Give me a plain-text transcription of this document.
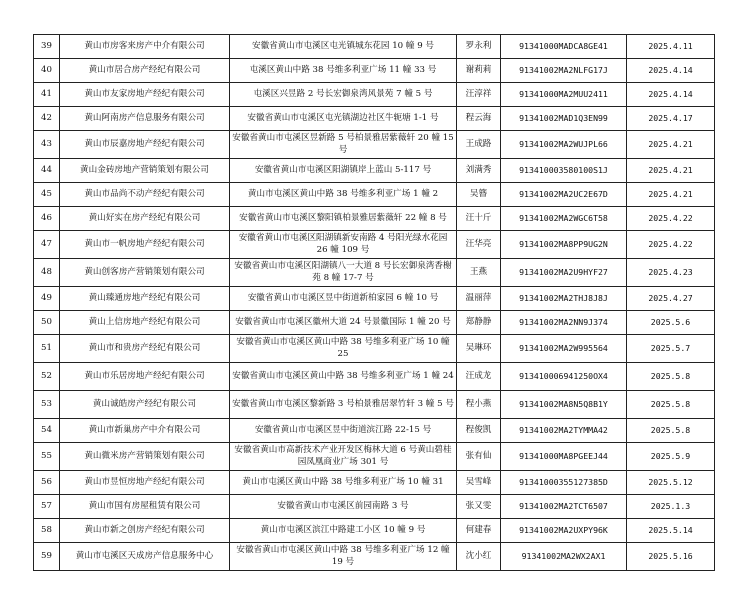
39	黄山市房客来房产中介有限公司	安徽省黄山市屯溪区屯光镇城东花园 10 幢 9 号	罗永利	91341000MADCA8GE41	2025.4.11
40	黄山市居合房产经纪有限公司	屯溪区黄山中路 38 号维多利亚广场 11 幢 33 号	谢莉莉	91341002MA2NLFG17J	2025.4.14
41	黄山市友家房地产经纪有限公司	屯溪区兴昱路 2 号长宏御泉湾风景苑 7 幢 5 号	汪淳祥	91341000MA2MUU2411	2025.4.14
42	黄山阿南房产信息服务有限公司	安徽省黄山市屯溪区屯光镇湖边社区牛轭塘 1-1 号	程云海	91341002MAD1Q3EN99	2025.4.17
43	黄山市辰嘉房地产经纪有限公司	安徽省黄山市屯溪区昱新路 5 号柏景雅居紫薇轩 20 幢 15 号	王成路	91341002MA2WUJPL66	2025.4.21
44	黄山金砖房地产营销策划有限公司	安徽省黄山市屯溪区阳湖镇岸上蓝山 5-117 号	刘满秀	913410003580100S1J	2025.4.21
45	黄山市品尚不动产经纪有限公司	黄山市屯溪区黄山中路 38 号维多利亚广场 1 幢 2	吴簪	91341002MA2UC2E67D	2025.4.21
46	黄山好实在房产经纪有限公司	安徽省黄山市屯溪区黎阳镇柏景雅居紫薇轩 22 幢 8 号	汪十斤	91341002MA2WGC6T58	2025.4.22
47	黄山市一帆房地产经纪有限公司	安徽省黄山市屯溪区阳湖镇新安南路 4 号阳光绿水花园 26 幢 109 号	汪华亮	91341002MA8PP9UG2N	2025.4.22
48	黄山创客房产营销策划有限公司	安徽省黄山市屯溪区阳湖镇八一大道 8 号长宏御泉湾香榭苑 8 幢 17-7 号	王燕	91341002MA2U9HYF27	2025.4.23
49	黄山臻通房地产经纪有限公司	安徽省黄山市屯溪区昱中街道新柏家园 6 幢 10 号	温丽萍	91341002MA2THJ8J8J	2025.4.27
50	黄山上信房地产经纪有限公司	安徽省黄山市屯溪区徽州大道 24 号景徽国际 1 幢 20 号	郑静静	91341002MA2NN9J374	2025.5.6
51	黄山市和贵房产经纪有限公司	安徽省黄山市屯溪区黄山中路 38 号维多利亚广场 10 幢 25	吴琳环	91341002MA2W995564	2025.5.7
52	黄山市乐居房地产经纪有限公司	安徽省黄山市屯溪区黄山中路 38 号维多利亚广场 1 幢 24	汪成龙	913410006941250OX4	2025.5.8
53	黄山诚皓房产经纪有限公司	安徽省黄山市屯溪区黎新路 3 号柏景雅居翠竹轩 3 幢 5 号	程小燕	91341002MA8N5Q8B1Y	2025.5.8
54	黄山市新巢房产中介有限公司	安徽省黄山市屯溪区昱中街道滨江路 22-15 号	程俊凯	91341002MA2TYMMA42	2025.5.8
55	黄山微米房产营销策划有限公司	安徽省黄山市高新技术产业开发区梅林大道 6 号黄山碧桂园凤凰商业广场 301 号	张有仙	91341000MA8PGEEJ44	2025.5.9
56	黄山市昱恒房地产经纪有限公司	黄山市屯溪区黄山中路 38 号维多利亚广场 10 幢 31	吴雪峰	91341000355127385D	2025.5.12
57	黄山市国有房屋租赁有限公司	安徽省黄山市屯溪区前园南路 3 号	张又雯	91341002MA2TCT6507	2025.1.3
58	黄山市新之创房产经纪有限公司	黄山市屯溪区滨江中路建工小区 10 幢 9 号	何建春	91341002MA2UXPY96K	2025.5.14
59	黄山市屯溪区天成房产信息服务中心	安徽省黄山市屯溪区黄山中路 38 号维多利亚广场 12 幢 19 号	沈小红	91341002MA2WX2AX1	2025.5.16
